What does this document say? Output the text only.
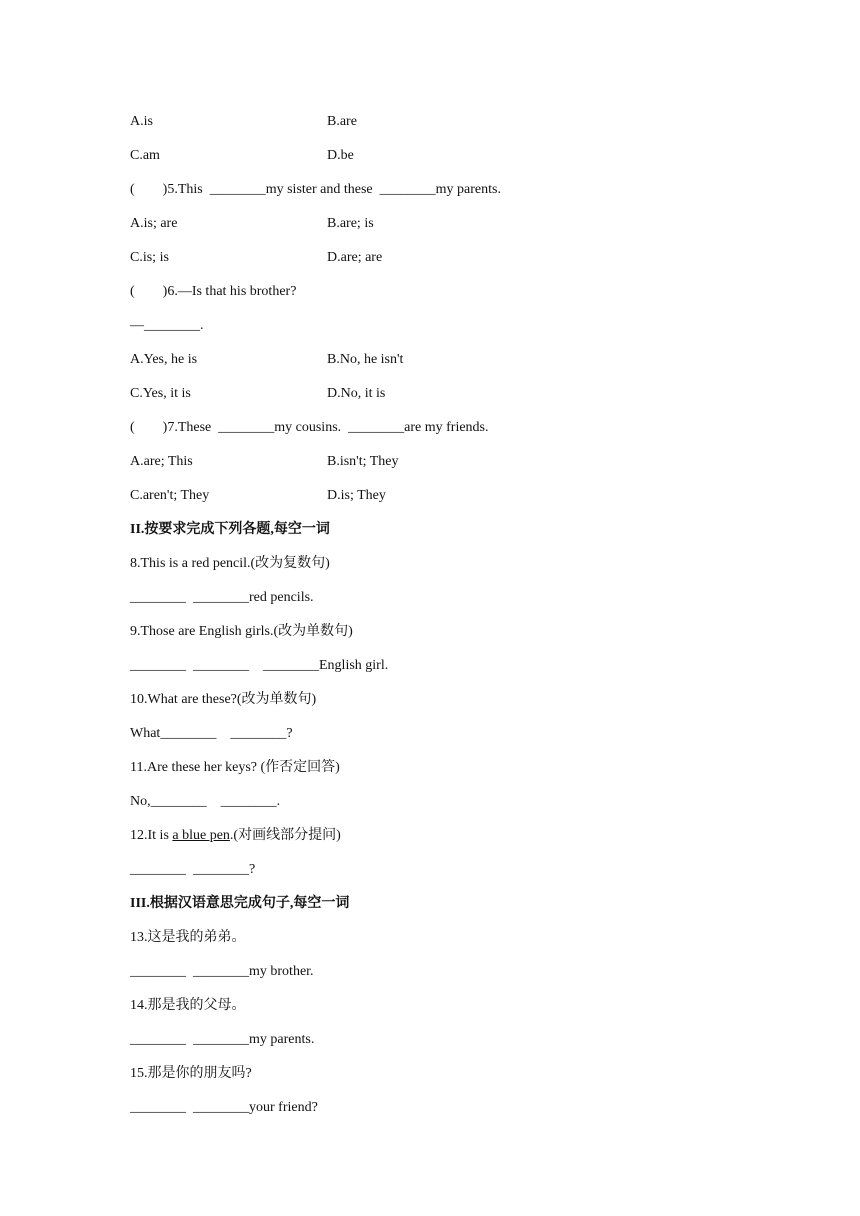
A.is	B.are
C.am	D.be
(        )5.This  ________my sister and these  ________my parents.
A.is; are	B.are; is
C.is; is	D.are; are
(        )6.—Is that his brother?
—________.
A.Yes, he is	B.No, he isn't
C.Yes, it is	D.No, it is
(        )7.These  ________my cousins.  ________are my friends.
A.are; This	B.isn't; They
C.aren't; They	D.is; They
II.按要求完成下列各题,每空一词
8.This is a red pencil.(改为复数句)
________  ________red pencils.
9.Those are English girls.(改为单数句)
________  ________    ________English girl.
10.What are these?(改为单数句)
What________    ________?
11.Are these her keys? (作否定回答)
No,________    ________.
12.It is a blue pen.(对画线部分提问)
________  ________?
III.根据汉语意思完成句子,每空一词
13.这是我的弟弟。
________  ________my brother.
14.那是我的父母。
________  ________my parents.
15.那是你的朋友吗?
________  ________your friend?
